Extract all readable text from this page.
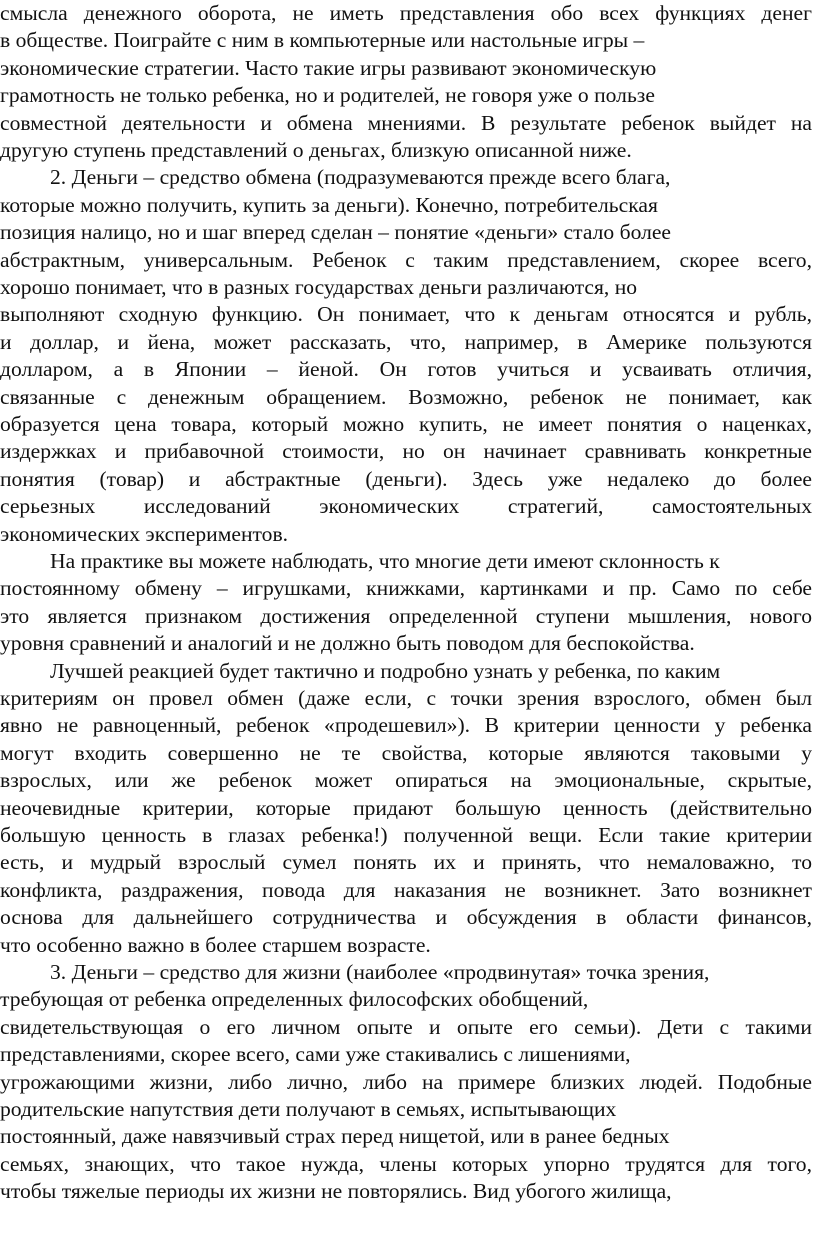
смысла денежного оборота, не иметь представления обо всех функциях денег
в обществе. Поиграйте с ним в компьютерные или настольные игры –
экономические стратегии. Часто такие игры развивают экономическую
грамотность не только ребенка, но и родителей, не говоря уже о пользе
совместной деятельности и обмена мнениями. В результате ребенок выйдет на
другую ступень представлений о деньгах, близкую описанной ниже.
2. Деньги – средство обмена (подразумеваются прежде всего блага,
которые можно получить, купить за деньги). Конечно, потребительская
позиция налицо, но и шаг вперед сделан – понятие «деньги» стало более
абстрактным, универсальным. Ребенок с таким представлением, скорее всего,
хорошо понимает, что в разных государствах деньги различаются, но
выполняют сходную функцию. Он понимает, что к деньгам относятся и рубль,
и доллар, и йена, может рассказать, что, например, в Америке пользуются
долларом, а в Японии – йеной. Он готов учиться и усваивать отличия,
связанные с денежным обращением. Возможно, ребенок не понимает, как
образуется цена товара, который можно купить, не имеет понятия о наценках,
издержках и прибавочной стоимости, но он начинает сравнивать конкретные
понятия (товар) и абстрактные (деньги). Здесь уже недалеко до более
серьезных исследований экономических стратегий, самостоятельных
экономических экспериментов.
На практике вы можете наблюдать, что многие дети имеют склонность к
постоянному обмену – игрушками, книжками, картинками и пр. Само по себе
это является признаком достижения определенной ступени мышления, нового
уровня сравнений и аналогий и не должно быть поводом для беспокойства.
Лучшей реакцией будет тактично и подробно узнать у ребенка, по каким
критериям он провел обмен (даже если, с точки зрения взрослого, обмен был
явно не равноценный, ребенок «продешевил»). В критерии ценности у ребенка
могут входить совершенно не те свойства, которые являются таковыми у
взрослых, или же ребенок может опираться на эмоциональные, скрытые,
неочевидные критерии, которые придают большую ценность (действительно
большую ценность в глазах ребенка!) полученной вещи. Если такие критерии
есть, и мудрый взрослый сумел понять их и принять, что немаловажно, то
конфликта, раздражения, повода для наказания не возникнет. Зато возникнет
основа для дальнейшего сотрудничества и обсуждения в области финансов,
что особенно важно в более старшем возрасте.
3. Деньги – средство для жизни (наиболее «продвинутая» точка зрения,
требующая от ребенка определенных философских обобщений,
свидетельствующая о его личном опыте и опыте его семьи). Дети с такими
представлениями, скорее всего, сами уже стакивались с лишениями,
угрожающими жизни, либо лично, либо на примере близких людей. Подобные
родительские напутствия дети получают в семьях, испытывающих
постоянный, даже навязчивый страх перед нищетой, или в ранее бедных
семьях, знающих, что такое нужда, члены которых упорно трудятся для того,
чтобы тяжелые периоды их жизни не повторялись. Вид убогого жилища,
